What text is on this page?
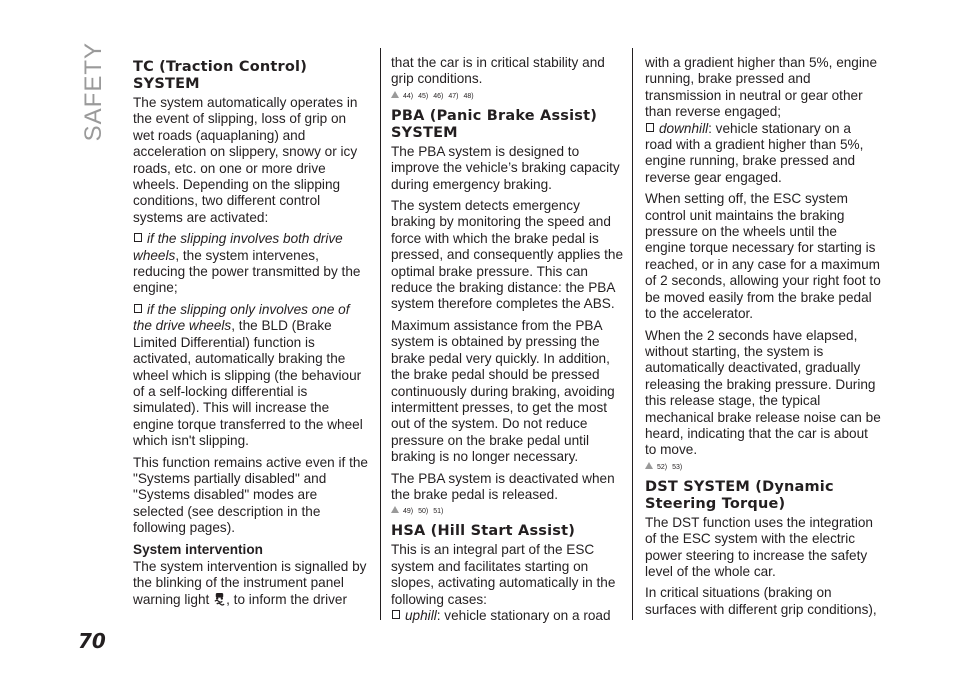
SAFETY
70
TC (Traction Control) SYSTEM

The system automatically operates in the event of slipping, loss of grip on wet roads (aquaplaning) and acceleration on slippery, snowy or icy roads, etc. on one or more drive wheels. Depending on the slipping conditions, two different control systems are activated:

if the slipping involves both drive wheels, the system intervenes, reducing the power transmitted by the engine;

if the slipping only involves one of the drive wheels, the BLD (Brake Limited Differential) function is activated, automatically braking the wheel which is slipping (the behaviour of a self-locking differential is simulated). This will increase the engine torque transferred to the wheel which isn't slipping.

This function remains active even if the "Systems partially disabled" and "Systems disabled" modes are selected (see description in the following pages).

System intervention

The system intervention is signalled by the blinking of the instrument panel warning light , to inform the driver

that the car is in critical stability and grip conditions.

44) 45) 46) 47) 48)

PBA (Panic Brake Assist) SYSTEM

The PBA system is designed to improve the vehicle’s braking capacity during emergency braking.

The system detects emergency braking by monitoring the speed and force with which the brake pedal is pressed, and consequently applies the optimal brake pressure. This can reduce the braking distance: the PBA system therefore completes the ABS.

Maximum assistance from the PBA system is obtained by pressing the brake pedal very quickly. In addition, the brake pedal should be pressed continuously during braking, avoiding intermittent presses, to get the most out of the system. Do not reduce pressure on the brake pedal until braking is no longer necessary.

The PBA system is deactivated when the brake pedal is released.

49) 50) 51)

HSA (Hill Start Assist)

This is an integral part of the ESC system and facilitates starting on slopes, activating automatically in the following cases:

uphill: vehicle stationary on a road

with a gradient higher than 5%, engine running, brake pressed and transmission in neutral or gear other than reverse engaged;

downhill: vehicle stationary on a road with a gradient higher than 5%, engine running, brake pressed and reverse gear engaged.

When setting off, the ESC system control unit maintains the braking pressure on the wheels until the engine torque necessary for starting is reached, or in any case for a maximum of 2 seconds, allowing your right foot to be moved easily from the brake pedal to the accelerator.

When the 2 seconds have elapsed, without starting, the system is automatically deactivated, gradually releasing the braking pressure. During this release stage, the typical mechanical brake release noise can be heard, indicating that the car is about to move.

52) 53)

DST SYSTEM (Dynamic Steering Torque)

The DST function uses the integration of the ESC system with the electric power steering to increase the safety level of the whole car.

In critical situations (braking on surfaces with different grip conditions),
